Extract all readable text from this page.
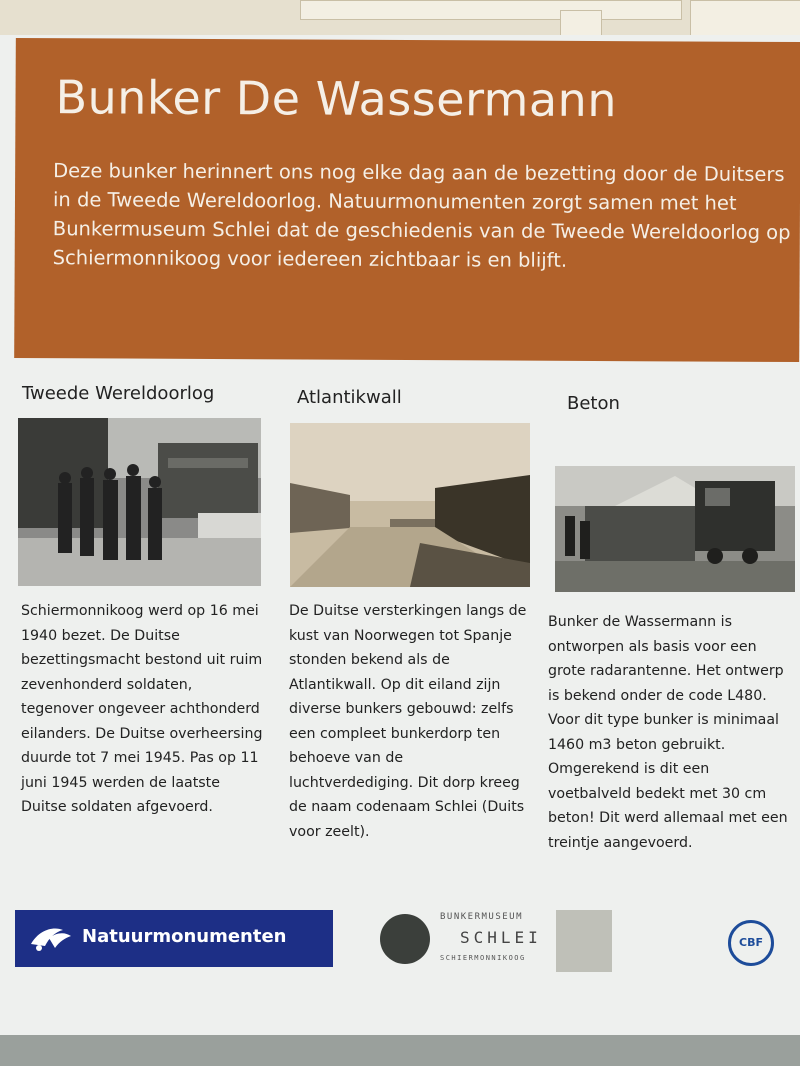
Bunker De Wassermann
Deze bunker herinnert ons nog elke dag aan de bezetting door de Duitsers in de Tweede Wereldoorlog. Natuurmonumenten zorgt samen met het Bunkermuseum Schlei dat de geschiedenis van de Tweede Wereldoorlog op Schiermonnikoog voor iedereen zichtbaar is en blijft.
Tweede Wereldoorlog
Schiermonnikoog werd op 16 mei 1940 bezet. De Duitse bezettingsmacht bestond uit ruim zevenhonderd soldaten, tegenover ongeveer achthonderd eilanders. De Duitse overheersing duurde tot 7 mei 1945. Pas op 11 juni 1945 werden de laatste Duitse soldaten afgevoerd.
Atlantikwall
De Duitse versterkingen langs de kust van Noorwegen tot Spanje stonden bekend als de Atlantikwall. Op dit eiland zijn diverse bunkers gebouwd: zelfs een compleet bunkerdorp ten behoeve van de luchtverdediging. Dit dorp kreeg de naam codenaam Schlei (Duits voor zeelt).
Beton
Bunker de Wassermann is ontworpen als basis voor een grote radarantenne. Het ontwerp is bekend onder de code L480. Voor dit type bunker is minimaal 1460 m3 beton gebruikt. Omgerekend is dit een voetbalveld bedekt met 30 cm beton! Dit werd allemaal met een treintje aangevoerd.
Natuurmonumenten
BUNKERMUSEUM
SCHLEI
SCHIERMONNIKOOG
CBF
